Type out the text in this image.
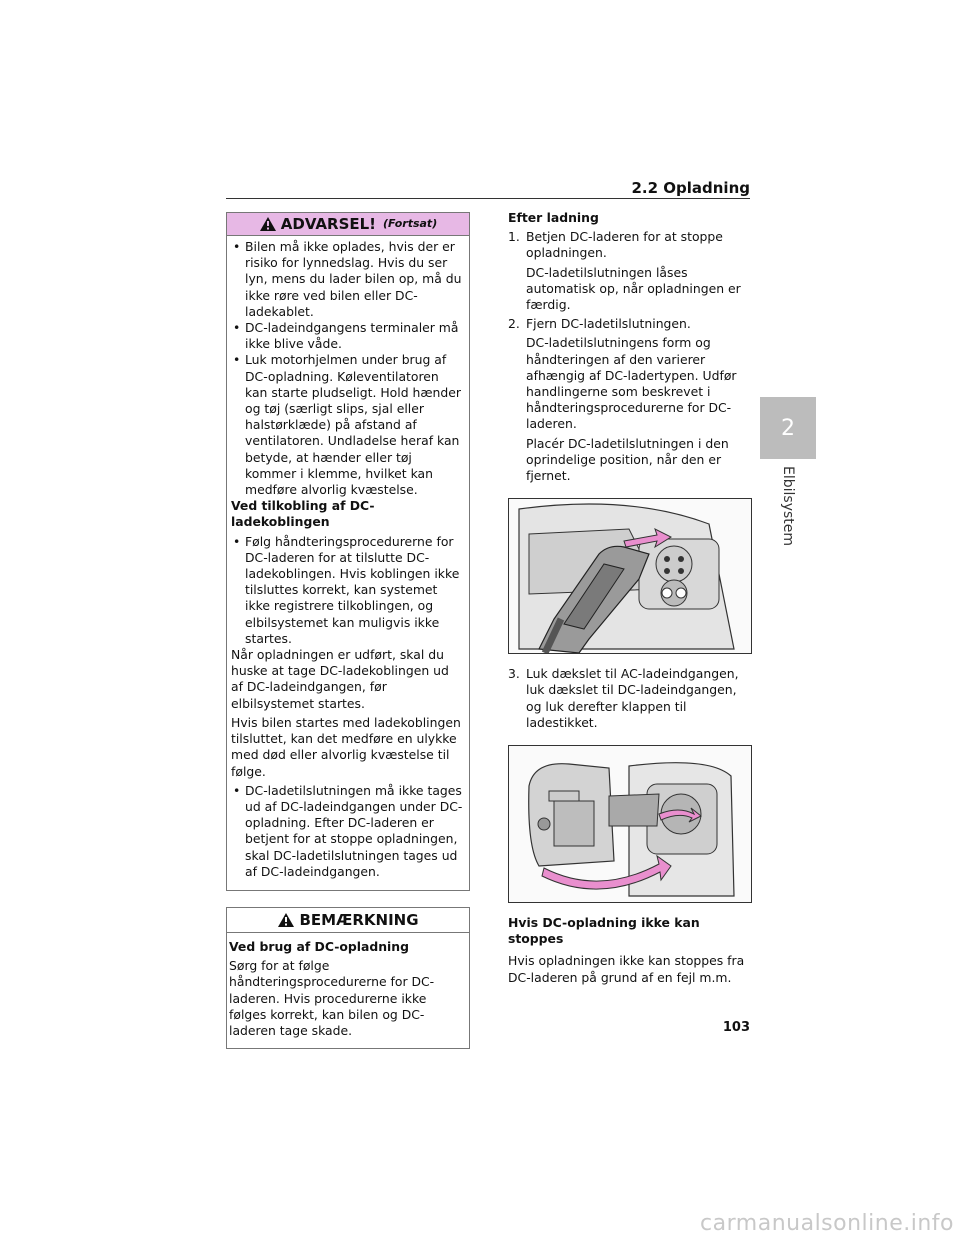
2.2 Opladning
2
Elbilsystem
ADVARSEL! (Fortsat)

• Bilen må ikke oplades, hvis der er risiko for lynnedslag. Hvis du ser lyn, mens du lader bilen op, må du ikke røre ved bilen eller DC-ladekablet.

• DC-ladeindgangens terminaler må ikke blive våde.

• Luk motorhjelmen under brug af DC-opladning. Køleventilatoren kan starte pludseligt. Hold hænder og tøj (særligt slips, sjal eller halstørklæde) på afstand af ventilatoren. Undladelse heraf kan betyde, at hænder eller tøj kommer i klemme, hvilket kan medføre alvorlig kvæstelse.

Ved tilkobling af DC-ladekoblingen

• Følg håndteringsprocedurerne for DC-laderen for at tilslutte DC-ladekoblingen. Hvis koblingen ikke tilsluttes korrekt, kan systemet ikke registrere tilkoblingen, og elbilsystemet kan muligvis ikke startes.

Når opladningen er udført, skal du huske at tage DC-ladekoblingen ud af DC-ladeindgangen, før elbilsystemet startes.

Hvis bilen startes med ladekoblingen tilsluttet, kan det medføre en ulykke med død eller alvorlig kvæstelse til følge.

• DC-ladetilslutningen må ikke tages ud af DC-ladeindgangen under DC-opladning. Efter DC-laderen er betjent for at stoppe opladningen, skal DC-ladetilslutningen tages ud af DC-ladeindgangen.

BEMÆRKNING

Ved brug af DC-opladning

Sørg for at følge håndteringsprocedurerne for DC-laderen. Hvis procedurerne ikke følges korrekt, kan bilen og DC-laderen tage skade.

Efter ladning

1. Betjen DC-laderen for at stoppe opladningen.

DC-ladetilslutningen låses automatisk op, når opladningen er færdig.

2. Fjern DC-ladetilslutningen.

DC-ladetilslutningens form og håndteringen af den varierer afhængig af DC-ladertypen. Udfør handlingerne som beskrevet i håndteringsprocedurerne for DC-laderen.

Placér DC-ladetilslutningen i den oprindelige position, når den er fjernet.

3. Luk dækslet til AC-ladeindgangen, luk dækslet til DC-ladeindgangen, og luk derefter klappen til ladestikket.

Hvis DC-opladning ikke kan stoppes

Hvis opladningen ikke kan stoppes fra DC-laderen på grund af en fejl m.m.

103
carmanualsonline.info
